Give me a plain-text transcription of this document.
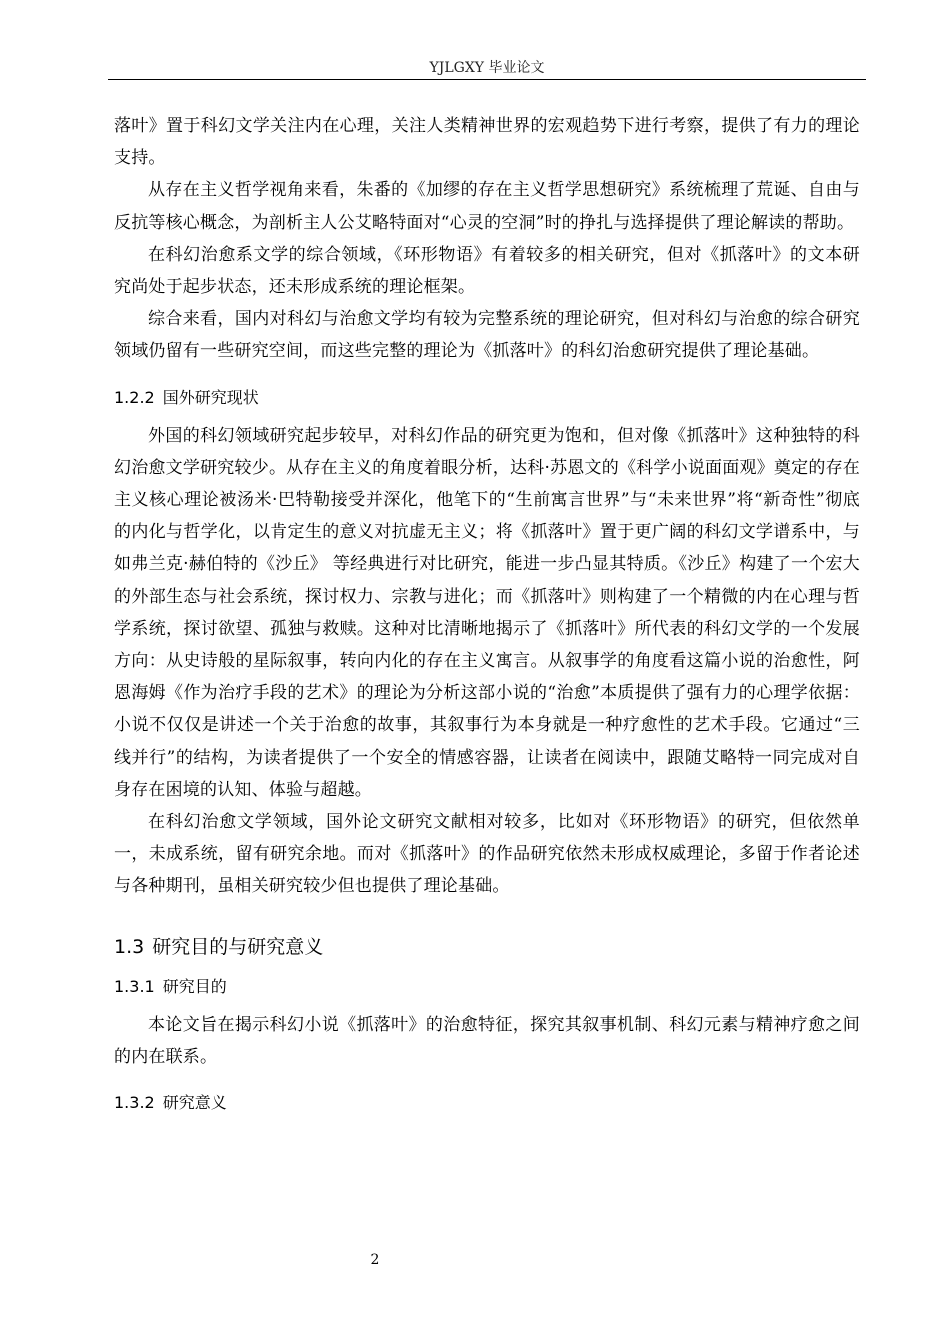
YJLGXY 毕业论文

落叶》置于科幻文学关注内在心理，关注人类精神世界的宏观趋势下进行考察，提供了有力的理论支持。

从存在主义哲学视角来看，朱番的《加缪的存在主义哲学思想研究》系统梳理了荒诞、自由与反抗等核心概念，为剖析主人公艾略特面对“心灵的空洞”时的挣扎与选择提供了理论解读的帮助。

在科幻治愈系文学的综合领域，《环形物语》有着较多的相关研究，但对《抓落叶》的文本研究尚处于起步状态，还未形成系统的理论框架。

综合来看，国内对科幻与治愈文学均有较为完整系统的理论研究，但对科幻与治愈的综合研究领域仍留有一些研究空间，而这些完整的理论为《抓落叶》的科幻治愈研究提供了理论基础。

1.2.2 国外研究现状

外国的科幻领域研究起步较早，对科幻作品的研究更为饱和，但对像《抓落叶》这种独特的科幻治愈文学研究较少。从存在主义的角度着眼分析，达科·苏恩文的《科学小说面面观》奠定的存在主义核心理论被汤米·巴特勒接受并深化，他笔下的“生前寓言世界”与“未来世界”将“新奇性”彻底的内化与哲学化，以肯定生的意义对抗虚无主义；将《抓落叶》置于更广阔的科幻文学谱系中，与如弗兰克·赫伯特的《沙丘》 等经典进行对比研究，能进一步凸显其特质。《沙丘》构建了一个宏大的外部生态与社会系统，探讨权力、宗教与进化；而《抓落叶》则构建了一个精微的内在心理与哲学系统，探讨欲望、孤独与救赎。这种对比清晰地揭示了《抓落叶》所代表的科幻文学的一个发展方向：从史诗般的星际叙事，转向内化的存在主义寓言。从叙事学的角度看这篇小说的治愈性，阿恩海姆《作为治疗手段的艺术》的理论为分析这部小说的“治愈”本质提供了强有力的心理学依据：小说不仅仅是讲述一个关于治愈的故事，其叙事行为本身就是一种疗愈性的艺术手段。它通过“三线并行”的结构，为读者提供了一个安全的情感容器，让读者在阅读中，跟随艾略特一同完成对自身存在困境的认知、体验与超越。

在科幻治愈文学领域，国外论文研究文献相对较多，比如对《环形物语》的研究，但依然单一，未成系统，留有研究余地。而对《抓落叶》的作品研究依然未形成权威理论，多留于作者论述与各种期刊，虽相关研究较少但也提供了理论基础。

1.3 研究目的与研究意义
1.3.1 研究目的

本论文旨在揭示科幻小说《抓落叶》的治愈特征，探究其叙事机制、科幻元素与精神疗愈之间的内在联系。

1.3.2 研究意义
2
